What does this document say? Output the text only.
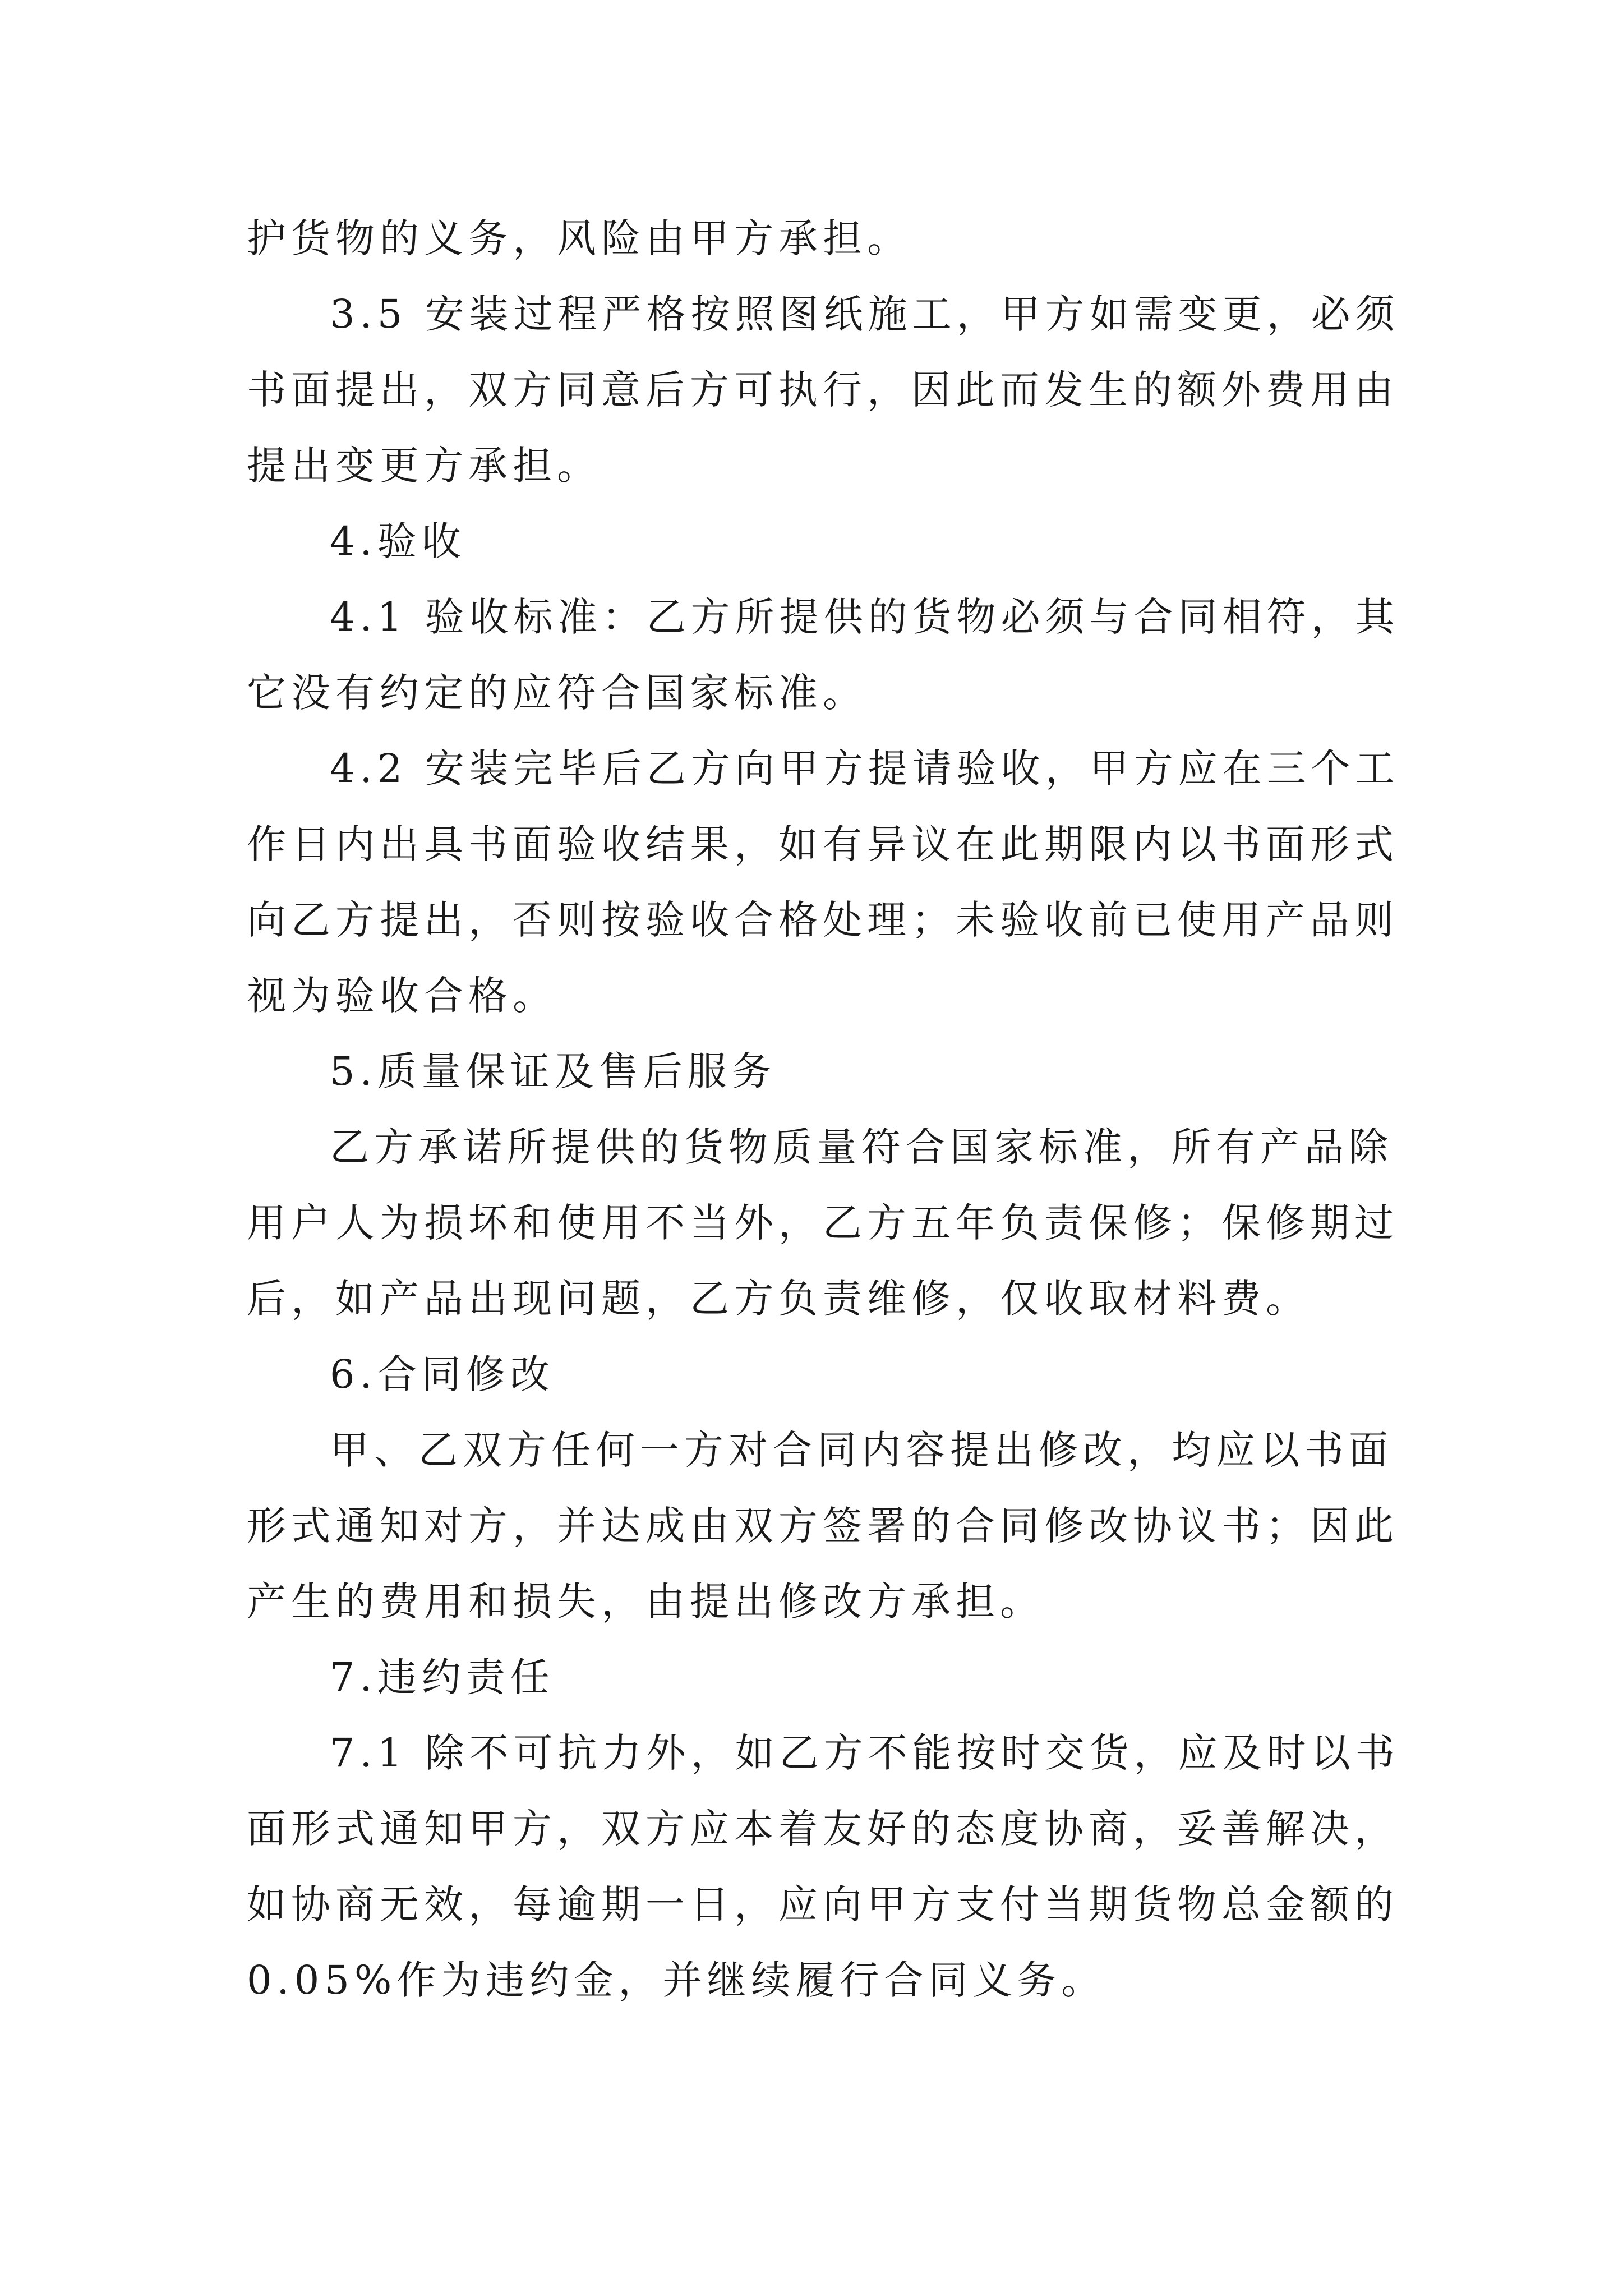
护货物的义务，风险由甲方承担。
3.5 安装过程严格按照图纸施工，甲方如需变更，必须
书面提出，双方同意后方可执行，因此而发生的额外费用由
提出变更方承担。
4.验收
4.1 验收标准：乙方所提供的货物必须与合同相符，其
它没有约定的应符合国家标准。
4.2 安装完毕后乙方向甲方提请验收，甲方应在三个工
作日内出具书面验收结果，如有异议在此期限内以书面形式
向乙方提出，否则按验收合格处理；未验收前已使用产品则
视为验收合格。
5.质量保证及售后服务
乙方承诺所提供的货物质量符合国家标准，所有产品除
用户人为损坏和使用不当外，乙方五年负责保修；保修期过
后，如产品出现问题，乙方负责维修，仅收取材料费。
6.合同修改
甲、乙双方任何一方对合同内容提出修改，均应以书面
形式通知对方，并达成由双方签署的合同修改协议书；因此
产生的费用和损失，由提出修改方承担。
7.违约责任
7.1 除不可抗力外，如乙方不能按时交货，应及时以书
面形式通知甲方，双方应本着友好的态度协商，妥善解决，
如协商无效，每逾期一日，应向甲方支付当期货物总金额的
0.05%作为违约金，并继续履行合同义务。
